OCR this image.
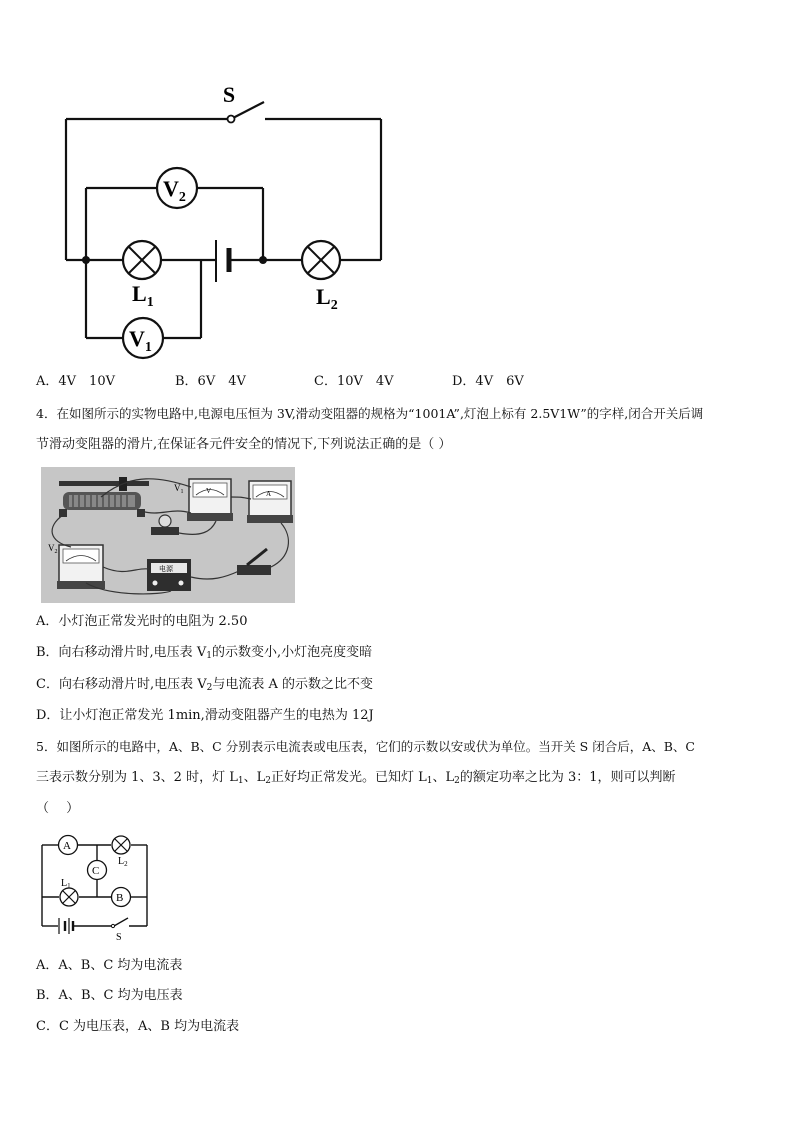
S
$V_2$
$V_1$
$L_1$	$L_2$
A．4V　10V	B．6V　4V	C．10V　4V	D．4V　6V
4．在如图所示的实物电路中,电源电压恒为 3V,滑动变阻器的规格为“1001A”,灯泡上标有 2.5V1W”的字样,闭合开关后调
节滑动变阻器的滑片,在保证各元件安全的情况下,下列说法正确的是（ ）
$V_1$
$V_2$
A
V
电源
A．小灯泡正常发光时的电阻为 2.50
B．向右移动滑片时,电压表 $V_1$的示数变小,小灯泡亮度变暗
C．向右移动滑片时,电压表 $V_2$与电流表 A 的示数之比不变
D．让小灯泡正常发光 1min,滑动变阻器产生的电热为 12J
5．如图所示的电路中，A、B、C 分别表示电流表或电压表，它们的示数以安或伏为单位。当开关 S 闭合后，A、B、C
三表示数分别为 1、3、2 时，灯 $L_1$、$L_2$正好均正常发光。已知灯 $L_1$、$L_2$的额定功率之比为 3：1，则可以判断
（　 ）
A
C
B
$L_2$
$L_1$
S
A．A、B、C 均为电流表
B．A、B、C 均为电压表
C．C 为电压表，A、B 均为电流表
